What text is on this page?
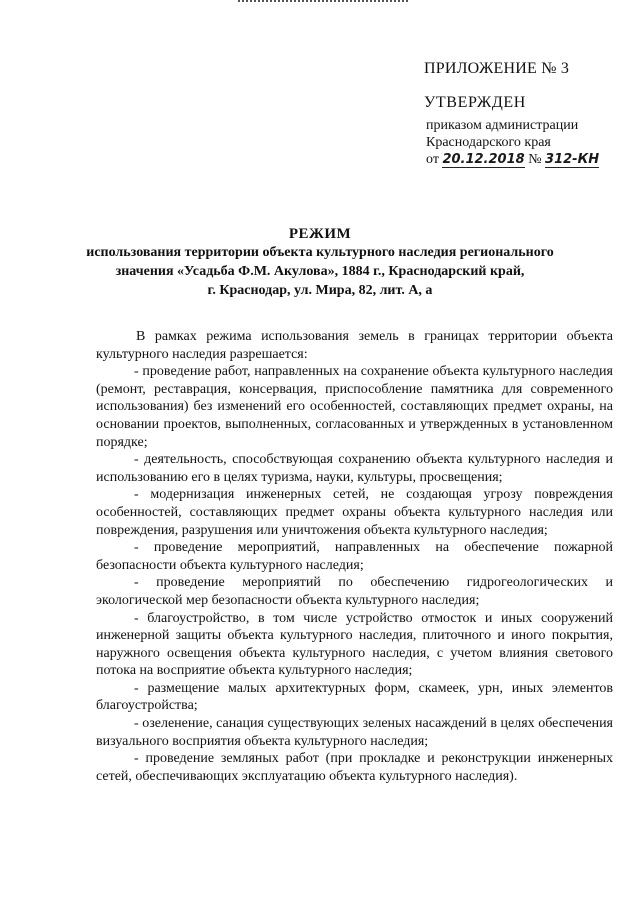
ПРИЛОЖЕНИЕ № 3
УТВЕРЖДЕН
приказом администрации
Краснодарского края
от 20.12.2018 № 312-КН
РЕЖИМ
использования территории объекта культурного наследия регионального
значения «Усадьба Ф.М. Акулова», 1884 г., Краснодарский край,
г. Краснодар, ул. Мира, 82, лит. А, а

В рамках режима использования земель в границах территории объекта культурного наследия разрешается:

- проведение работ, направленных на сохранение объекта культурного наследия (ремонт, реставрация, консервация, приспособление памятника для современного использования) без изменений его особенностей, составляющих предмет охраны, на основании проектов, выполненных, согласованных и утвержденных в установленном порядке;

- деятельность, способствующая сохранению объекта культурного наследия и использованию его в целях туризма, науки, культуры, просвещения;

- модернизация инженерных сетей, не создающая угрозу повреждения особенностей, составляющих предмет охраны объекта культурного наследия или повреждения, разрушения или уничтожения объекта культурного наследия;

- проведение мероприятий, направленных на обеспечение пожарной безопасности объекта культурного наследия;

- проведение мероприятий по обеспечению гидрогеологических и экологической мер безопасности объекта культурного наследия;

- благоустройство, в том числе устройство отмосток и иных сооружений инженерной защиты объекта культурного наследия, плиточного и иного покрытия, наружного освещения объекта культурного наследия, с учетом влияния светового потока на восприятие объекта культурного наследия;

- размещение малых архитектурных форм, скамеек, урн, иных элементов благоустройства;

- озеленение, санация существующих зеленых насаждений в целях обеспечения визуального восприятия объекта культурного наследия;

- проведение земляных работ (при прокладке и реконструкции инженерных сетей, обеспечивающих эксплуатацию объекта культурного наследия).
